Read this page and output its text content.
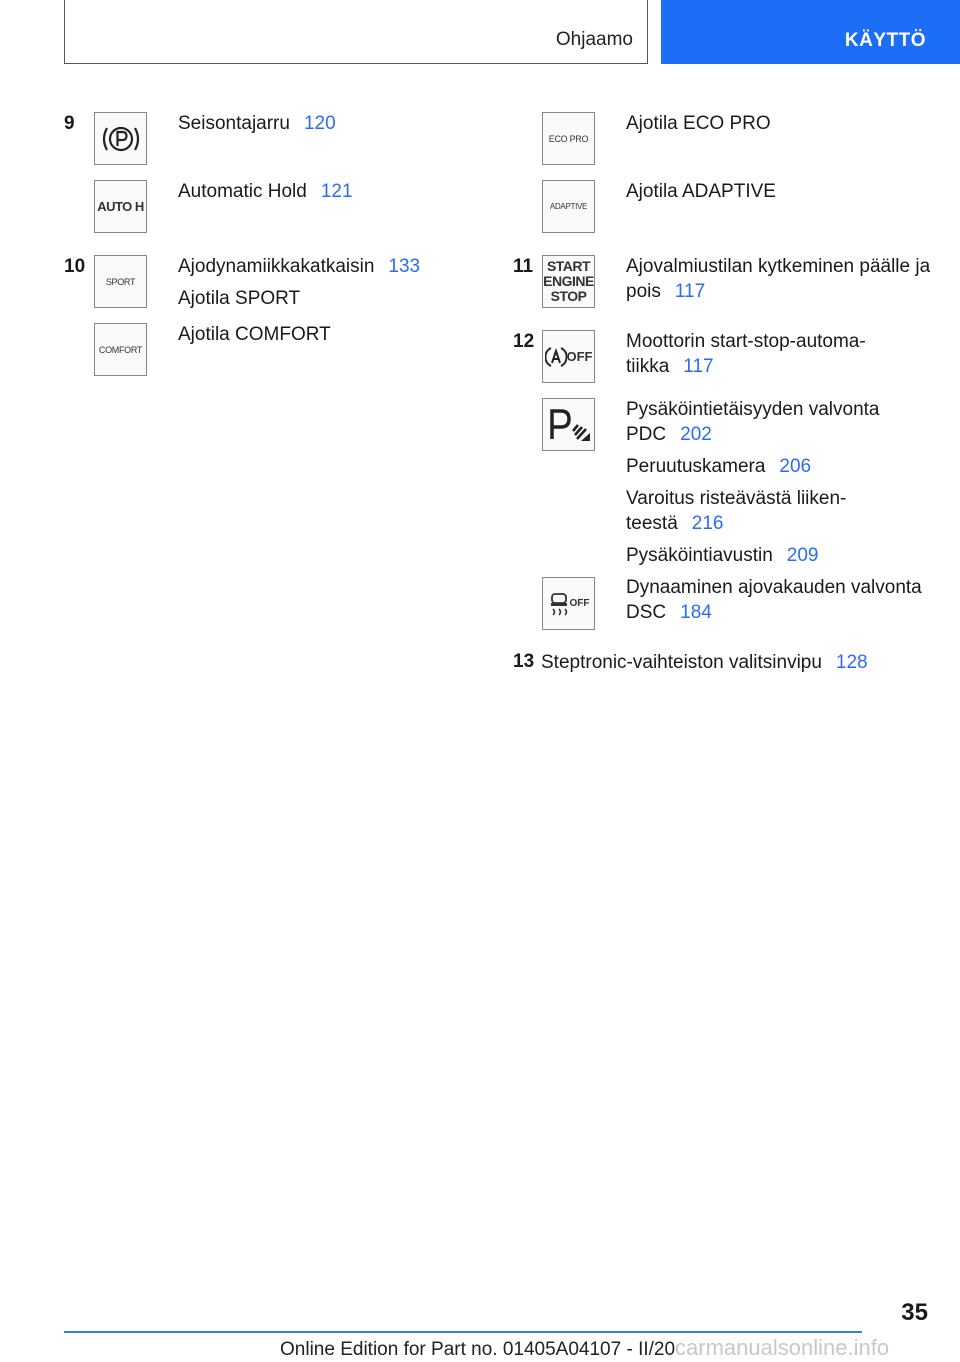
Ohjaamo	KÄYTTÖ
9	Seisontajarru 120
AUTO H
Automatic Hold 121
10
SPORT
Ajodynamiikkakatkaisin 133
Ajotila SPORT
COMFORT
Ajotila COMFORT
ECO PRO
Ajotila ECO PRO
ADAPTIVE
Ajotila ADAPTIVE
11 START
ENGINE
STOP
Ajovalmiustilan kytkeminen päälle ja
pois 117
12
OFF
Moottorin start-stop-automa-
tiikka 117
Pysäköintietäisyyden valvonta
PDC 202
Peruutuskamera 206
Varoitus risteävästä liiken-
teestä 216
Pysäköintiavustin 209
OFF
Dynaaminen ajovakauden valvonta
DSC 184
13 Steptronic-vaihteiston valitsinvipu 128
35
Online Edition for Part no. 01405A04107 - II/20carmanualsonline.info
